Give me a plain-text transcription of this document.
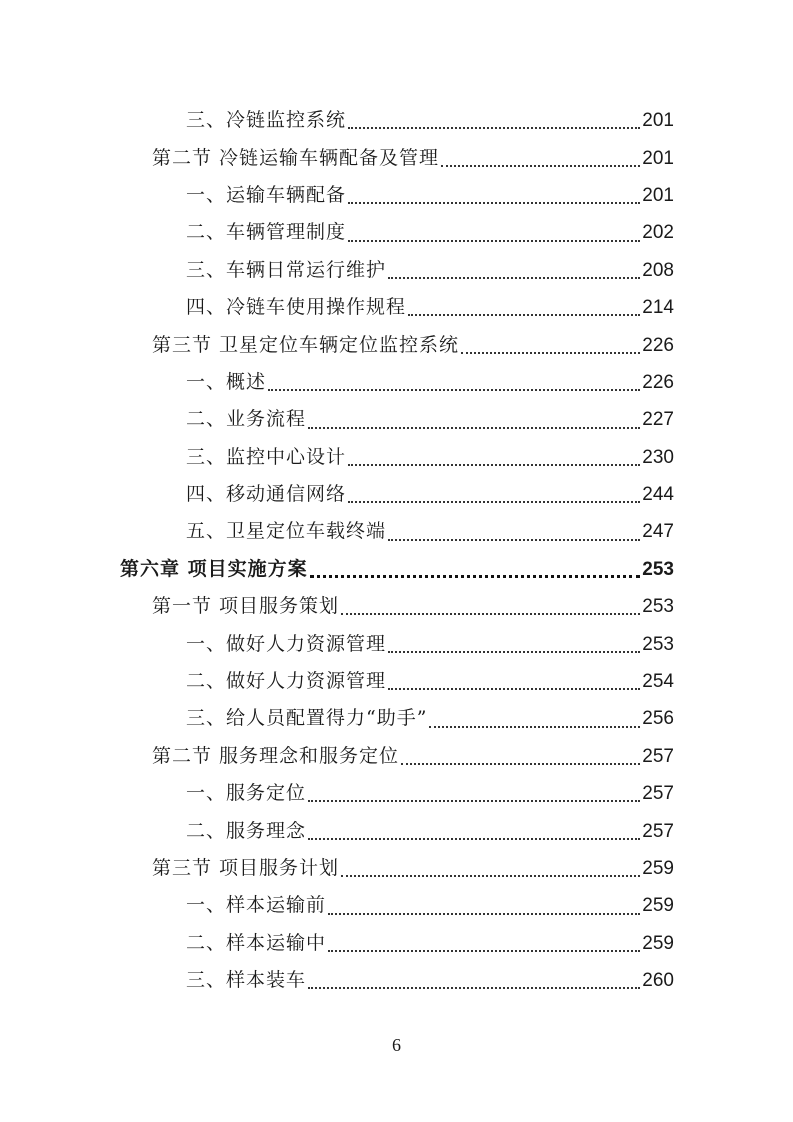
三、冷链监控系统	201
第二节 冷链运输车辆配备及管理	201
一、运输车辆配备	201
二、车辆管理制度	202
三、车辆日常运行维护	208
四、冷链车使用操作规程	214
第三节 卫星定位车辆定位监控系统	226
一、概述	226
二、业务流程	227
三、监控中心设计	230
四、移动通信网络	244
五、卫星定位车载终端	247
第六章 项目实施方案	253
第一节 项目服务策划	253
一、做好人力资源管理	253
二、做好人力资源管理	254
三、给人员配置得力“助手”	256
第二节 服务理念和服务定位	257
一、服务定位	257
二、服务理念	257
第三节 项目服务计划	259
一、样本运输前	259
二、样本运输中	259
三、样本装车	260
6
